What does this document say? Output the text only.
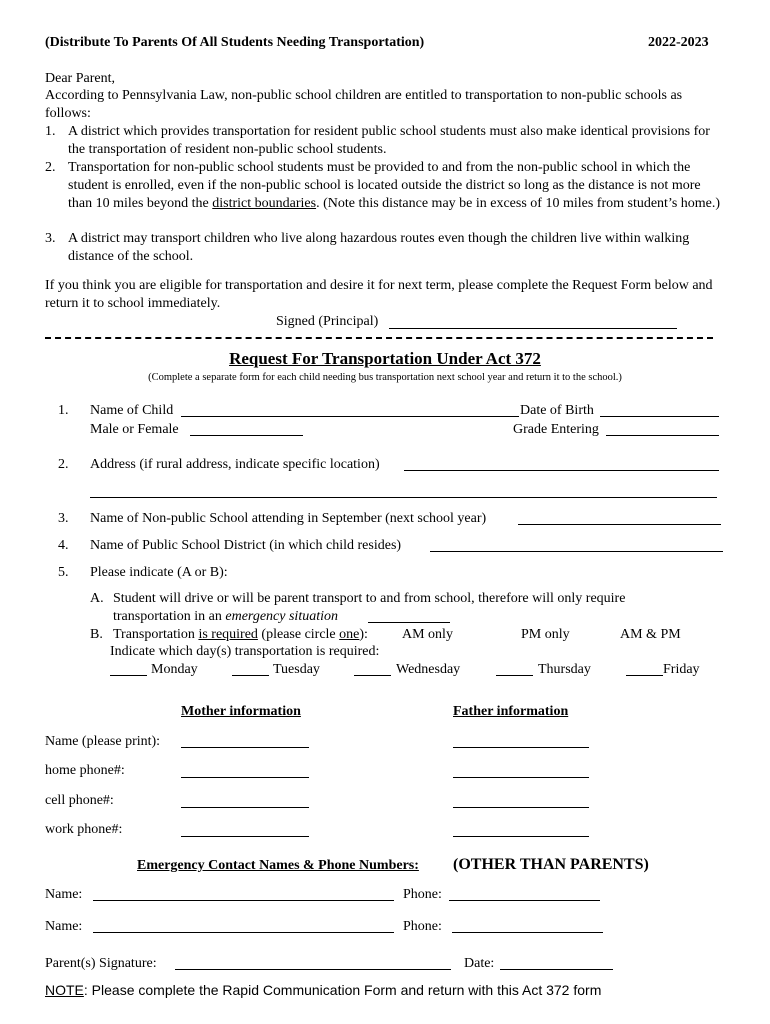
(Distribute To Parents Of All Students Needing Transportation)	2022-2023
Dear Parent,
According to Pennsylvania Law, non-public school children are entitled to transportation to non-public schools as follows:
1. A district which provides transportation for resident public school students must also make identical provisions for the transportation of resident non-public school students.
2. Transportation for non-public school students must be provided to and from the non-public school in which the student is enrolled, even if the non-public school is located outside the district so long as the distance is not more than 10 miles beyond the district boundaries. (Note this distance may be in excess of 10 miles from student’s home.)
3. A district may transport children who live along hazardous routes even though the children live within walking distance of the school.
If you think you are eligible for transportation and desire it for next term, please complete the Request Form below and return it to school immediately.
Signed (Principal)
Request For Transportation Under Act 372
(Complete a separate form for each child needing bus transportation next school year and return it to the school.)
1. Name of Child	Date of Birth
Male or Female	Grade Entering
2. Address (if rural address, indicate specific location)
3. Name of Non-public School attending in September (next school year)
4. Name of Public School District (in which child resides)
5. Please indicate (A or B):
A. Student will drive or will be parent transport to and from school, therefore will only require
transportation in an emergency situation
B. Transportation is required (please circle one): AM only	PM only	AM & PM
Indicate which day(s) transportation is required:
Monday	Tuesday	Wednesday	Thursday	Friday
Mother information	Father information
Name (please print):
home phone#:
cell phone#:
work phone#:
Emergency Contact Names & Phone Numbers: (OTHER THAN PARENTS)
Name:	Phone:
Name:	Phone:
Parent(s) Signature:	Date:
NOTE: Please complete the Rapid Communication Form and return with this Act 372 form
